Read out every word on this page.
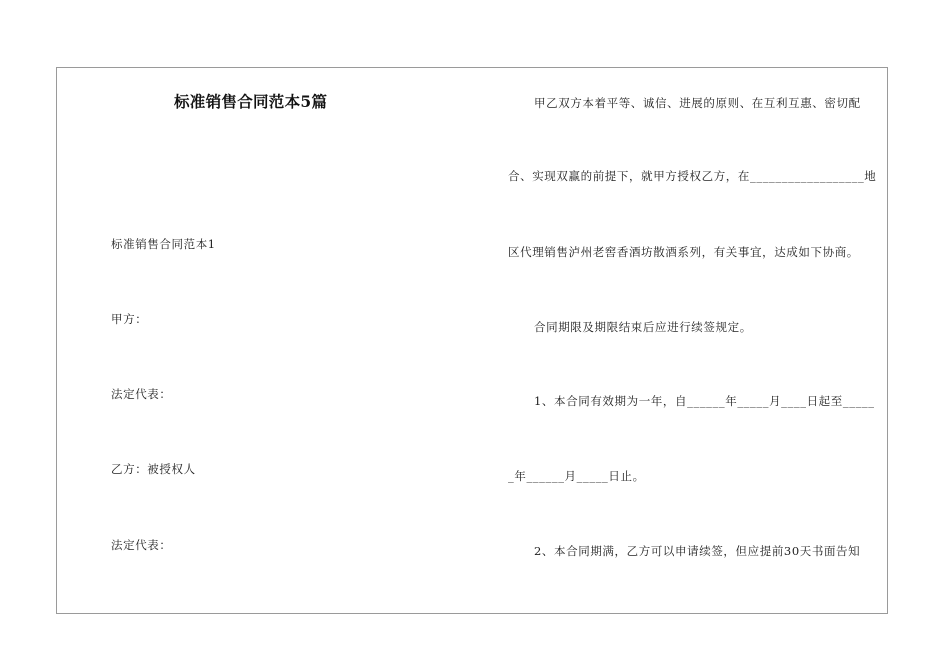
标准销售合同范本5篇
标准销售合同范本1
甲方：
法定代表：
乙方：被授权人
法定代表：
甲乙双方本着平等、诚信、进展的原则、在互利互惠、密切配
合、实现双赢的前提下，就甲方授权乙方，在__________________地
区代理销售泸州老窖香酒坊散酒系列，有关事宜，达成如下协商。
合同期限及期限结束后应进行续签规定。
1、本合同有效期为一年，自______年_____月____日起至_____
_年______月_____日止。
2、本合同期满，乙方可以申请续签，但应提前30天书面告知
